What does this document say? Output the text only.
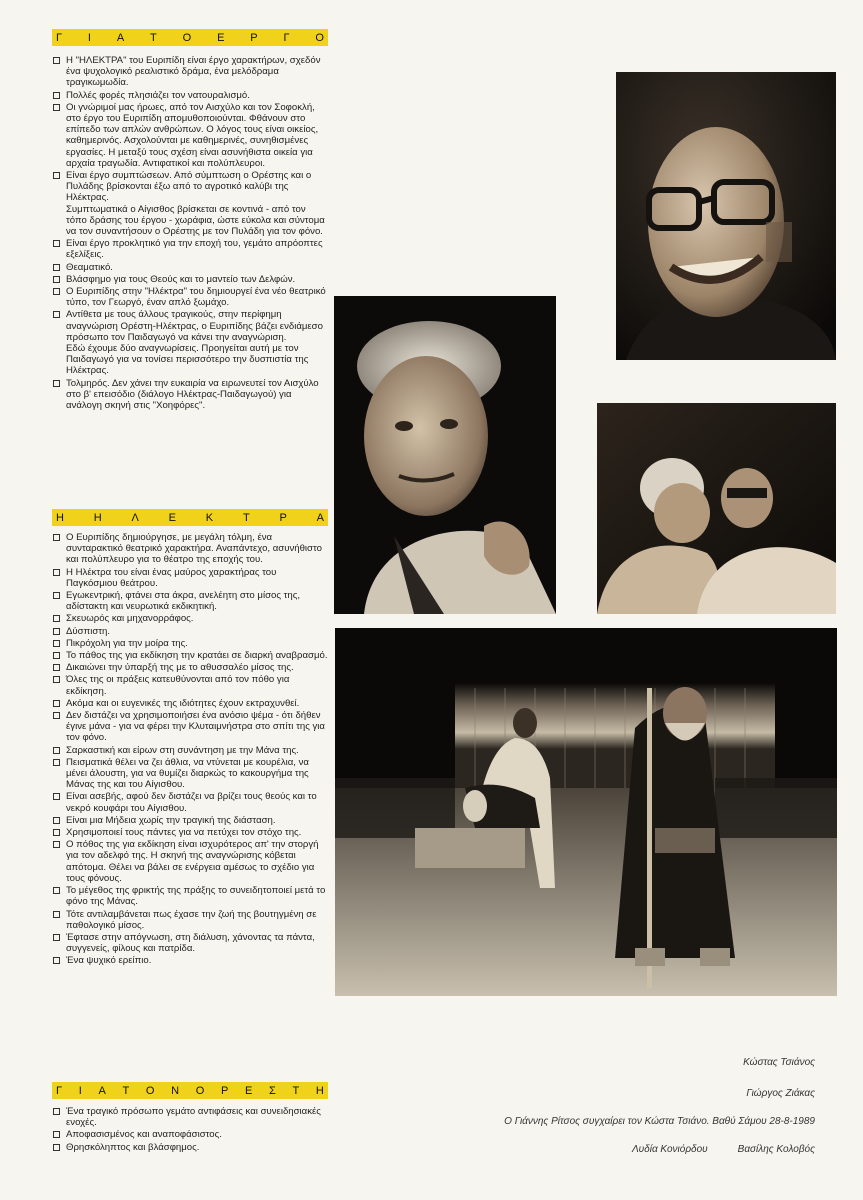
Γ Ι Α Τ Ο Ε Ρ Γ Ο
Η "ΗΛΕΚΤΡΑ" του Ευριπίδη είναι έργο χαρακτήρων, σχεδόν ένα ψυχολογικό ρεαλιστικό δράμα, ένα μελόδραμα τραγικωμωδία.
Πολλές φορές πλησιάζει τον νατουραλισμό.
Οι γνώριμοί μας ήρωες, από τον Αισχύλο και τον Σοφοκλή, στο έργο του Ευριπίδη απομυθοποιούνται. Φθάνουν στο επίπεδο των απλών ανθρώπων. Ο λόγος τους είναι οικείος, καθημερινός. Ασχολούνται με καθημερινές, συνηθισμένες εργασίες. Η μεταξύ τους σχέση είναι ασυνήθιστα οικεία για αρχαία τραγωδία. Αντιφατικοί και πολύπλευροι.
Είναι έργο συμπτώσεων. Από σύμπτωση ο Ορέστης και ο Πυλάδης βρίσκονται έξω από το αγροτικό καλύβι της Ηλέκτρας.
Συμπτωματικά ο Αίγισθος βρίσκεται σε κοντινά - από τον τόπο δράσης του έργου - χωράφια, ώστε εύκολα και σύντομα να τον συναντήσουν ο Ορέστης με τον Πυλάδη για τον φόνο.
Είναι έργο προκλητικό για την εποχή του, γεμάτο απρόοπτες εξελίξεις.
Θεαματικό.
Βλάσφημο για τους Θεούς και το μαντείο των Δελφών.
Ο Ευριπίδης στην "Ηλέκτρα" του δημιουργεί ένα νέο θεατρικό τύπο, τον Γεωργό, έναν απλό ξωμάχο.
Αντίθετα με τους άλλους τραγικούς, στην περίφημη αναγνώριση Ορέστη-Ηλέκτρας, ο Ευριπίδης βάζει ενδιάμεσο πρόσωπο τον Παιδαγωγό να κάνει την αναγνώριση.
Εδώ έχουμε δύο αναγνωρίσεις. Προηγείται αυτή με τον Παιδαγωγό για να τονίσει περισσότερο την δυσπιστία της Ηλέκτρας.
Τολμηρός. Δεν χάνει την ευκαιρία να ειρωνευτεί τον Αισχύλο στο β' επεισόδιο (διάλογο Ηλέκτρας-Παιδαγωγού) για ανάλογη σκηνή στις "Χοηφόρες".
Η	Η	Λ	Ε	Κ	Τ	Ρ	Α
Ο Ευριπίδης δημιούργησε, με μεγάλη τόλμη, ένα συνταρακτικό θεατρικό χαρακτήρα. Αναπάντεχο, ασυνήθιστο και πολύπλευρο για το θέατρο της εποχής του.
Η Ηλέκτρα του είναι ένας μαύρος χαρακτήρας του Παγκόσμιου θεάτρου.
Εγωκεντρική, φτάνει στα άκρα, ανελέητη στο μίσος της, αδίστακτη και νευρωτικά εκδικητική.
Σκευωρός και μηχανορράφος.
Δύσπιστη.
Πικρόχολη για την μοίρα της.
Το πάθος της για εκδίκηση την κρατάει σε διαρκή αναβρασμό.
Δικαιώνει την ύπαρξή της με το αθυσσαλέο μίσος της.
Όλες της οι πράξεις κατευθύνονται από τον πόθο για εκδίκηση.
Ακόμα και οι ευγενικές της ιδιότητες έχουν εκτραχυνθεί.
Δεν διστάζει να χρησιμοποιήσει ένα ανόσιο ψέμα - ότι δήθεν έγινε μάνα - για να φέρει την Κλυταιμνήστρα στο σπίτι της για τον φόνο.
Σαρκαστική και είρων στη συνάντηση με την Μάνα της.
Πεισματικά θέλει να ζει άθλια, να ντύνεται με κουρέλια, να μένει άλουστη, για να θυμίζει διαρκώς το κακουργήμα της Μάνας της και του Αίγισθου.
Είναι ασεβής, αφού δεν διστάζει να βρίζει τους θεούς και το νεκρό κουφάρι του Αίγισθου.
Είναι μια Μήδεια χωρίς την τραγική της διάσταση.
Χρησιμοποιεί τους πάντες για να πετύχει τον στόχο της.
Ο πόθος της για εκδίκηση είναι ισχυρότερος απ' την στοργή για τον αδελφό της. Η σκηνή της αναγνώρισης κόβεται απότομα. Θέλει να βάλει σε ενέργεια αμέσως το σχέδιο για τους φόνους.
Το μέγεθος της φρικτής της πράξης το συνειδητοποιεί μετά το φόνο της Μάνας.
Τότε αντιλαμβάνεται πως έχασε την ζωή της βουτηγμένη σε παθολογικό μίσος.
Έφτασε στην απόγνωση, στη διάλυση, χάνοντας τα πάντα, συγγενείς, φίλους και πατρίδα.
Ένα ψυχικό ερείπιο.
Γ Ι Α Τ Ο Ν Ο Ρ Ε Σ Τ Η
Ένα τραγικό πρόσωπο γεμάτο αντιφάσεις και συνειδησιακές ενοχές.
Αποφασισμένος και αναποφάσιστος.
Θρησκόληπτος και βλάσφημος.
Κώστας Τσιάνος
Γιώργος Ζιάκας
Ο Γιάννης Ρίτσος συγχαίρει τον Κώστα Τσιάνο. Βαθύ Σάμου 28-8-1989
Λυδία Κονιόρδου	Βασίλης Κολοβός
